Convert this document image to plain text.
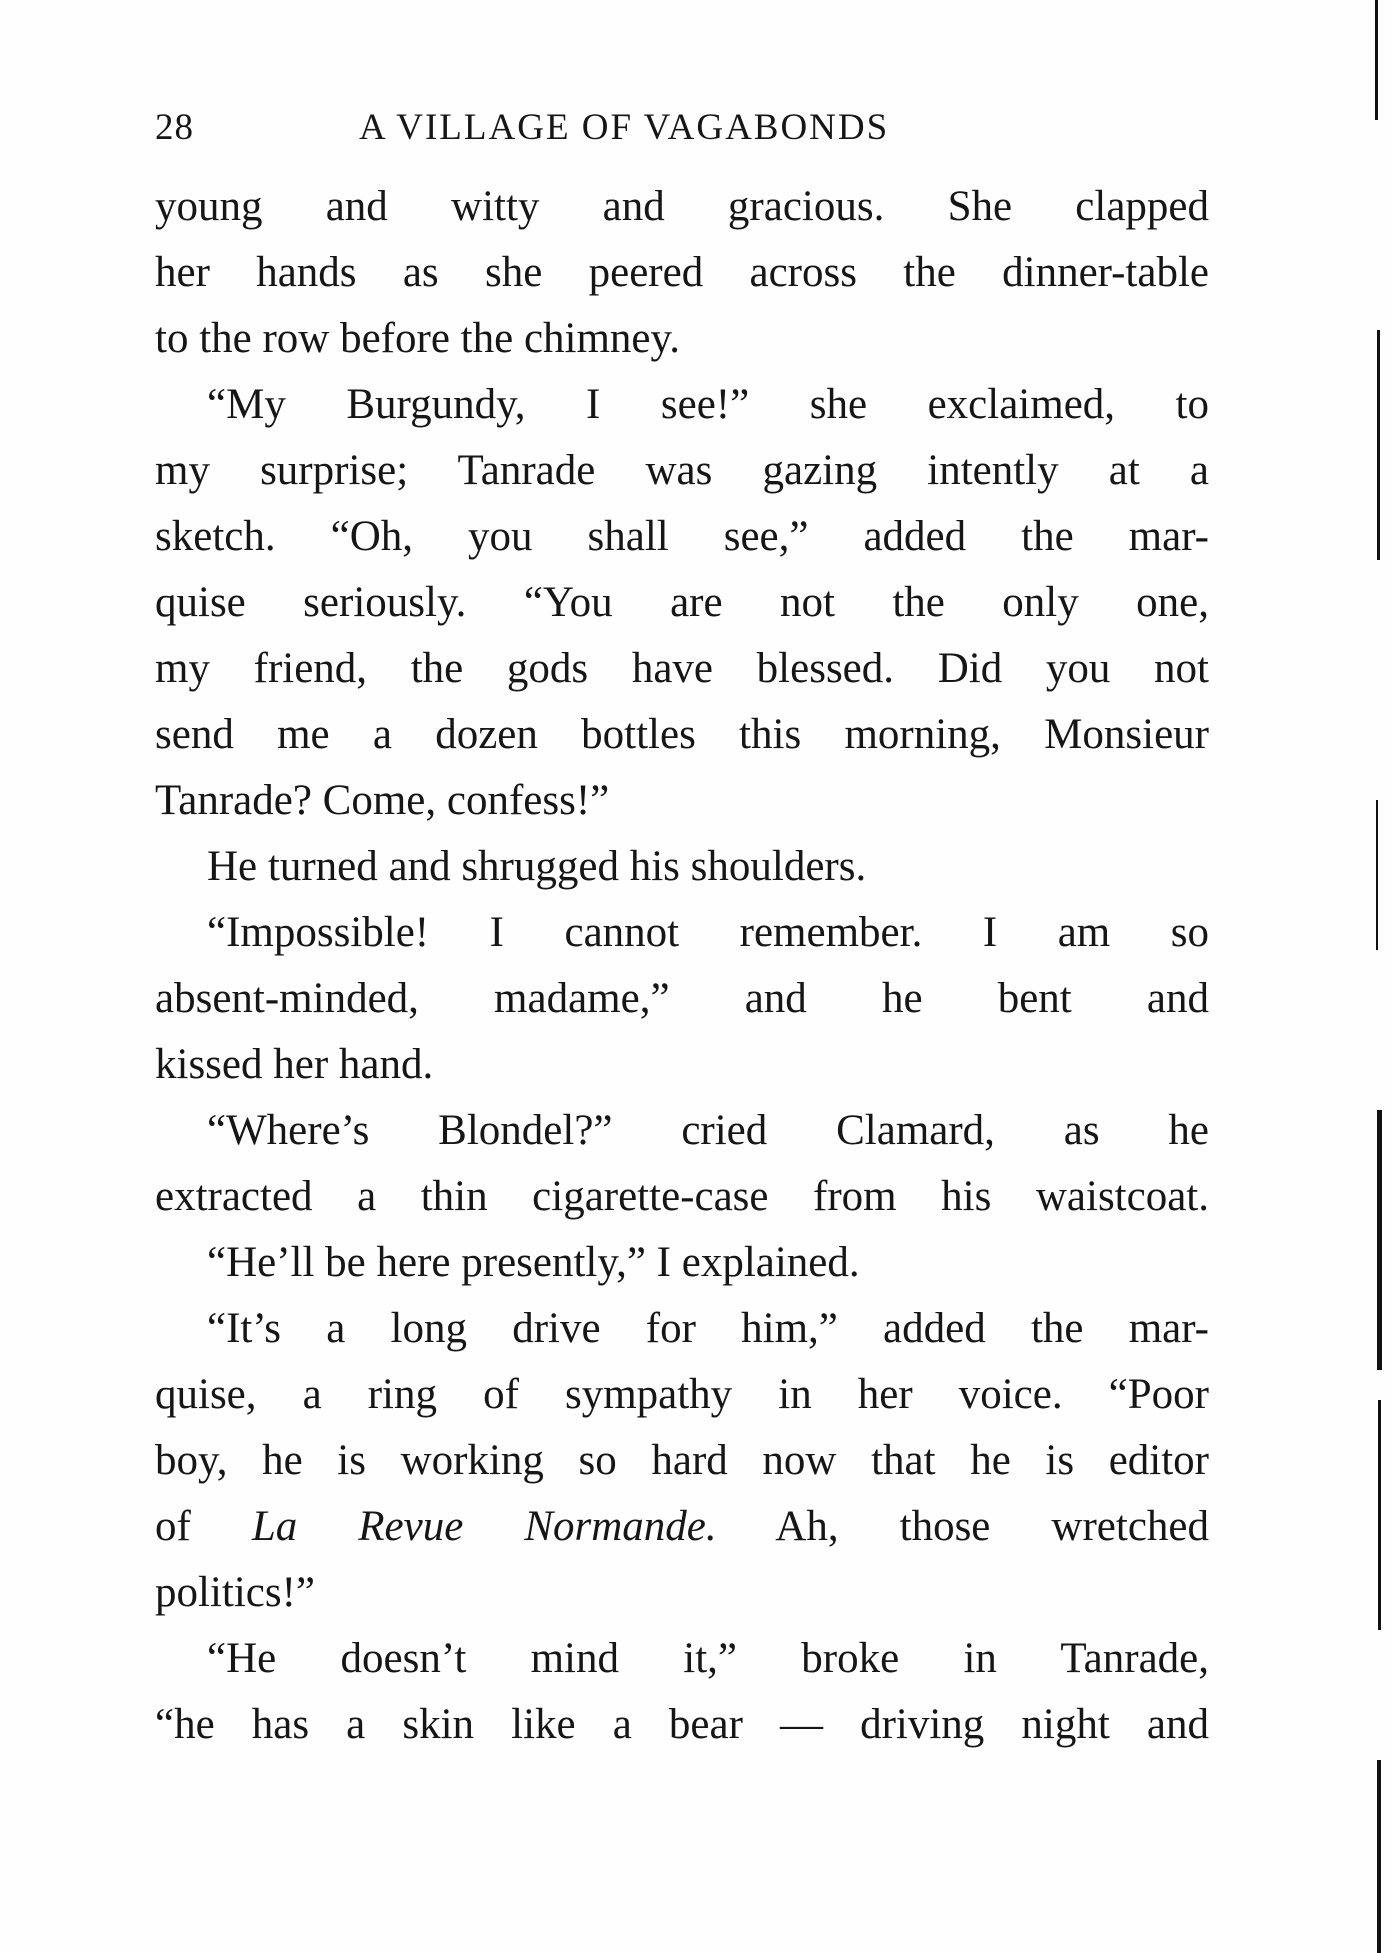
28	A VILLAGE OF VAGABONDS
young and witty and gracious. She clapped
her hands as she peered across the dinner-table
to the row before the chimney.
“My Burgundy, I see!” she exclaimed, to
my surprise; Tanrade was gazing intently at a
sketch. “Oh, you shall see,” added the mar-
quise seriously. “You are not the only one,
my friend, the gods have blessed. Did you not
send me a dozen bottles this morning, Monsieur
Tanrade? Come, confess!”
He turned and shrugged his shoulders.
“Impossible! I cannot remember. I am so
absent-minded, madame,” and he bent and
kissed her hand.
“Where’s Blondel?” cried Clamard, as he
extracted a thin cigarette-case from his waistcoat.
“He’ll be here presently,” I explained.
“It’s a long drive for him,” added the mar-
quise, a ring of sympathy in her voice. “Poor
boy, he is working so hard now that he is editor
of La Revue Normande. Ah, those wretched
politics!”
“He doesn’t mind it,” broke in Tanrade,
“he has a skin like a bear — driving night and
